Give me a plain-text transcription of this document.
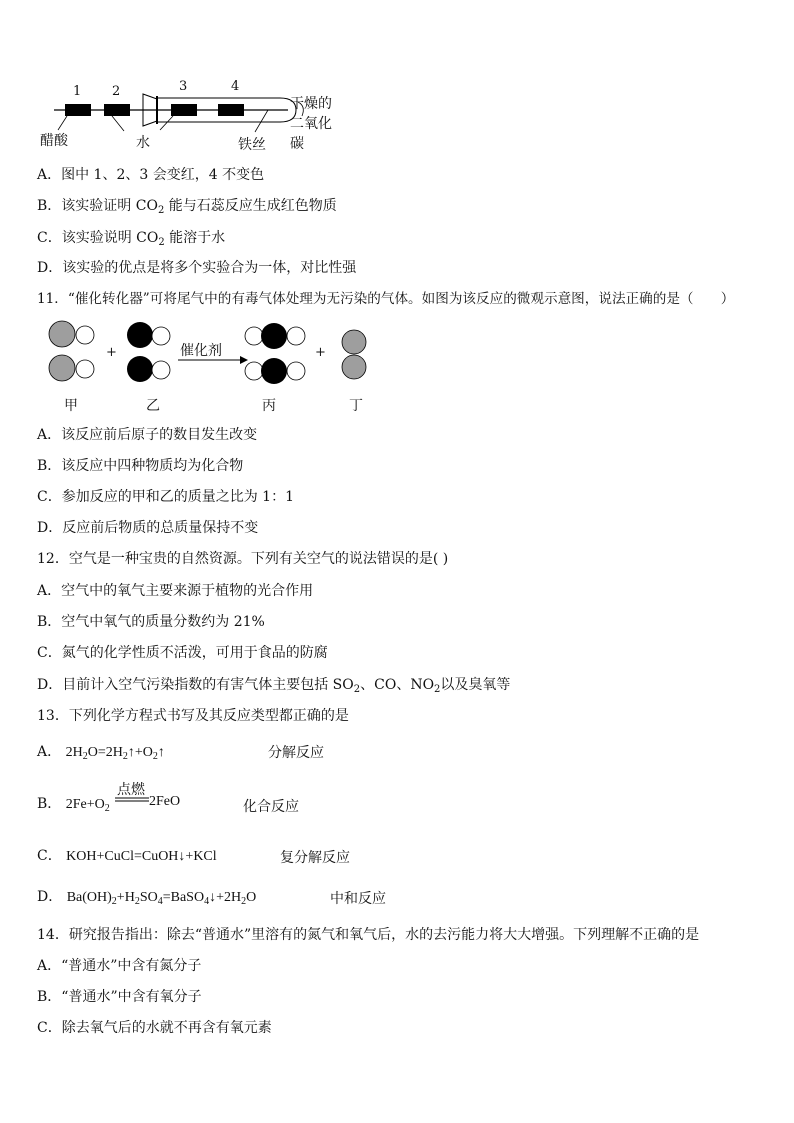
1 2	3	4
醋酸	水	铁丝
干燥的
二氧化
碳
A．图中 1、2、3 会变红，4 不变色
B．该实验证明 $CO_2$ 能与石蕊反应生成红色物质
C．该实验说明 $CO_2$ 能溶于水
D．该实验的优点是将多个实验合为一体，对比性强
11．“催化转化器”可将尾气中的有毒气体处理为无污染的气体。如图为该反应的微观示意图，说法正确的是（　　）
+	+
催化剂
甲	乙	丙	丁
A．该反应前后原子的数目发生改变
B．该反应中四种物质均为化合物
C．参加反应的甲和乙的质量之比为 1：1
D．反应前后物质的总质量保持不变
12．空气是一种宝贵的自然资源。下列有关空气的说法错误的是( )
A．空气中的氧气主要来源于植物的光合作用
B．空气中氧气的质量分数约为 21%
C．氮气的化学性质不活泼，可用于食品的防腐
D．目前计入空气污染指数的有害气体主要包括 $SO_2$、CO、$NO_2$以及臭氧等
13．下列化学方程式书写及其反应类型都正确的是
A． $2H_2O=2H_2↑+O_2↑$	分解反应
B． $2Fe+O_2$
点燃
2FeO	化合反应
C． KOH+CuCl=CuOH↓+KCl	复分解反应
D． $Ba(OH)_2+H_2SO_4=BaSO_4↓+2H_2O$	中和反应
14．研究报告指出：除去“普通水”里溶有的氮气和氧气后，水的去污能力将大大增强。下列理解不正确的是
A．“普通水”中含有氮分子
B．“普通水”中含有氧分子
C．除去氧气后的水就不再含有氧元素
